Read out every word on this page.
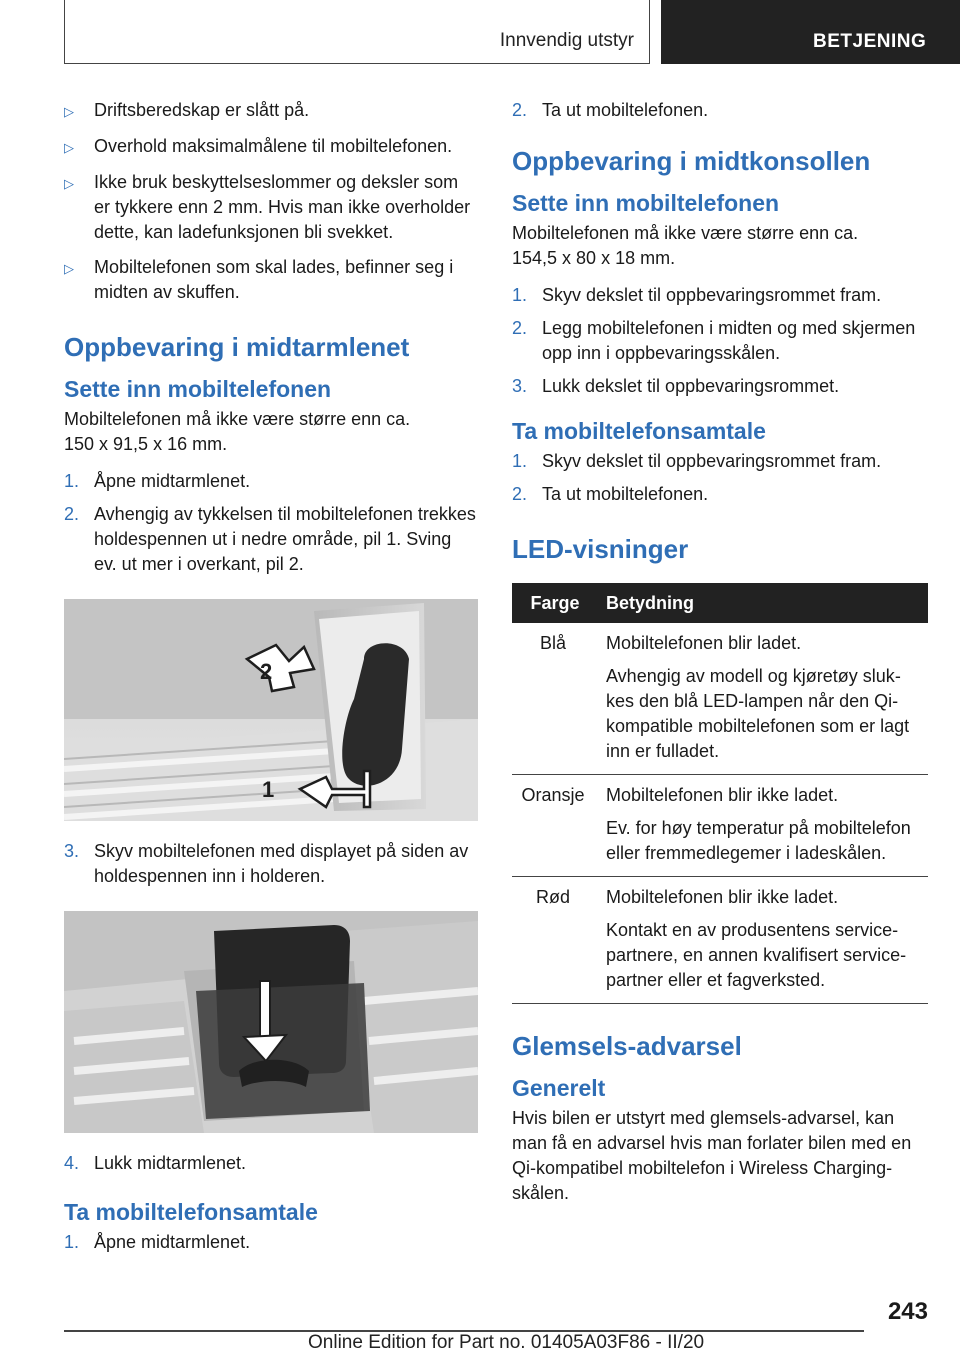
Innvendig utstyr	BETJENING
▷	Driftsberedskap er slått på.
▷	Overhold maksimalmålene til mobiltelefonen.
▷	Ikke bruk beskyttelseslommer og deksler som er tykkere enn 2 mm. Hvis man ikke overholder dette, kan ladefunksjonen bli svekket.
▷	Mobiltelefonen som skal lades, befinner seg i midten av skuffen.
Oppbevaring i midtarmlenet
Sette inn mobiltelefonen
Mobiltelefonen må ikke være større enn ca. 150 x 91,5 x 16 mm.
1. Åpne midtarmlenet.
2. Avhengig av tykkelsen til mobiltelefonen trekkes holdespennen ut i nedre område, pil 1. Sving ev. ut mer i overkant, pil 2.
1
2
3. Skyv mobiltelefonen med displayet på siden av holdespennen inn i holderen.
4. Lukk midtarmlenet.
Ta mobiltelefonsamtale
1. Åpne midtarmlenet.
2. Ta ut mobiltelefonen.
Oppbevaring i midtkonsollen
Sette inn mobiltelefonen
Mobiltelefonen må ikke være større enn ca. 154,5 x 80 x 18 mm.
1. Skyv dekslet til oppbevaringsrommet fram.
2. Legg mobiltelefonen i midten og med skjermen opp inn i oppbevaringsskålen.
3. Lukk dekslet til oppbevaringsrommet.
Ta mobiltelefonsamtale
1. Skyv dekslet til oppbevaringsrommet fram.
2. Ta ut mobiltelefonen.
LED-visninger
Farge	Betydning
Blå	Mobiltelefonen blir ladet.
Avhengig av modell og kjøretøy slukkes den blå LED-lampen når den Qi-kompatible mobiltelefonen som er lagt inn er fulladet.

Oransje	Mobiltelefonen blir ikke ladet.
Ev. for høy temperatur på mobiltelefon eller fremmedlegemer i ladeskålen.

Rød	Mobiltelefonen blir ikke ladet.
Kontakt en av produsentens servicepartnere, en annen kvalifisert servicepartner eller et fagverksted.
Glemsels-advarsel
Generelt
Hvis bilen er utstyrt med glemsels-advarsel, kan man få en advarsel hvis man forlater bilen med en Qi-kompatibel mobiltelefon i Wireless Charging-skålen.
243
Online Edition for Part no. 01405A03F86 - II/20
